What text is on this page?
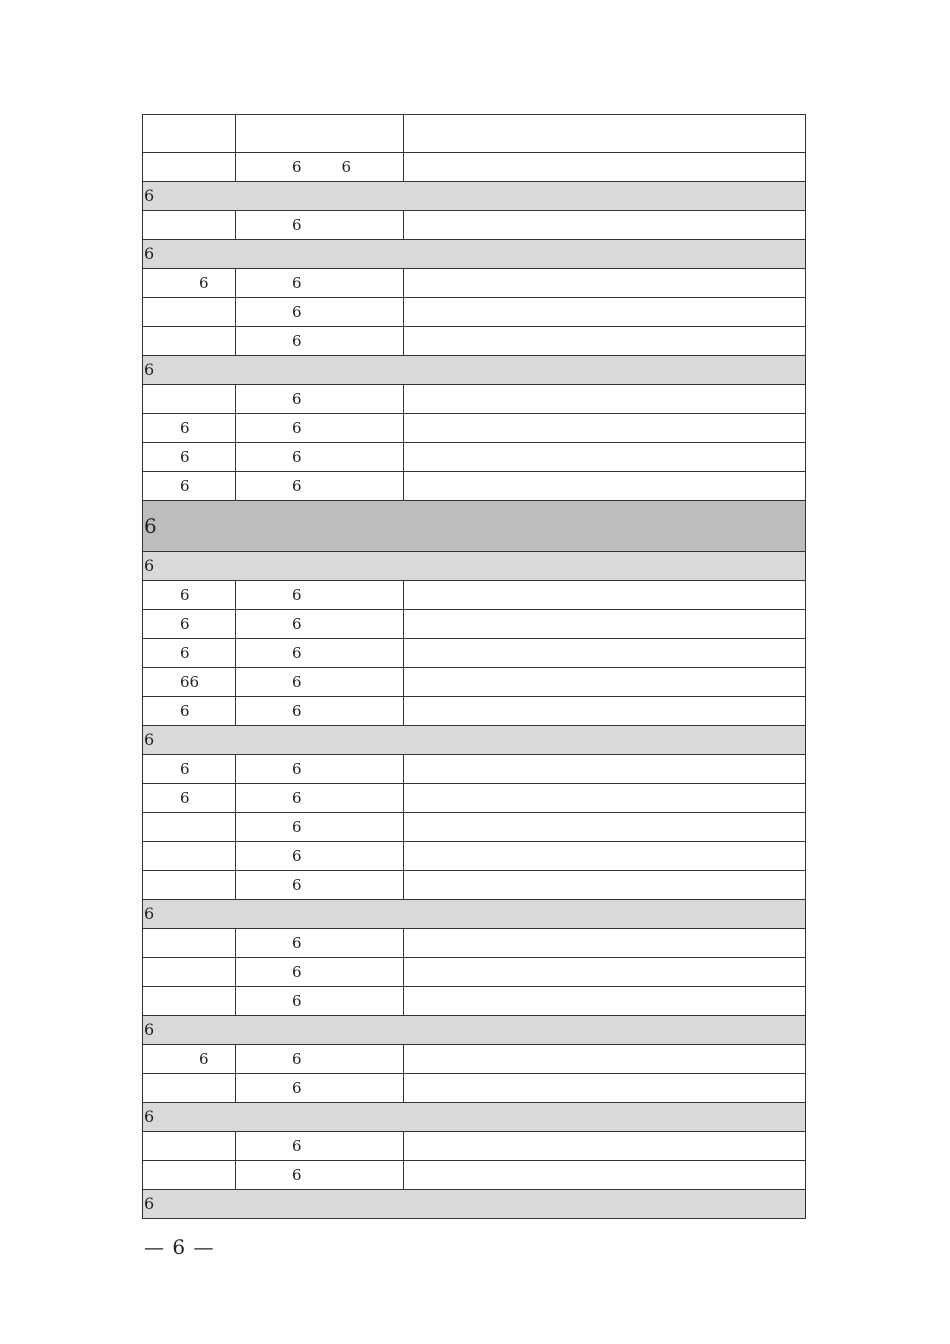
	6 6	
6		
	6	
6		
6	6	
	6	
	6	
6		
	6	
6	6	
6	6	
6	6	
6		
6		
6	6	
6	6	
6	6	
66	6	
6	6	
6		
6	6	
6	6	
	6	
	6	
	6	
6		
	6	
	6	
	6	
6		
6	6	
	6	
6		
	6	
	6	
6		
— 6 —
